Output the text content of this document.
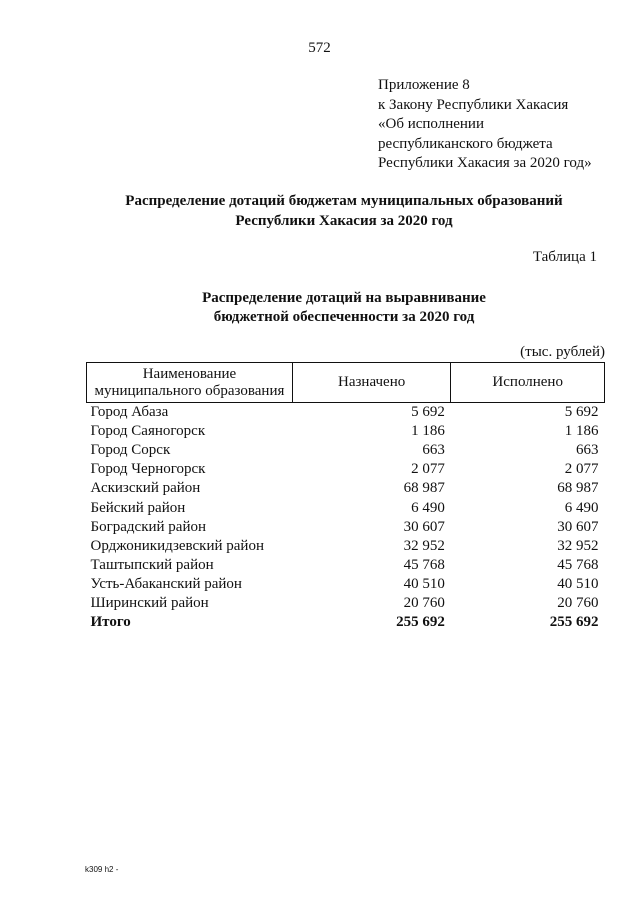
572
Приложение 8
к Закону Республики Хакасия
«Об исполнении
республиканского бюджета
Республики Хакасия за 2020 год»
Распределение дотаций бюджетам муниципальных образований
Республики Хакасия за 2020 год
Таблица 1
Распределение дотаций на выравнивание
бюджетной обеспеченности за 2020 год
(тыс. рублей)
Наименование муниципального образования	Назначено	Исполнено
Город Абаза	5 692	5 692
Город Саяногорск	1 186	1 186
Город Сорск	663	663
Город Черногорск	2 077	2 077
Аскизский район	68 987	68 987
Бейский район	6 490	6 490
Боградский район	30 607	30 607
Орджоникидзевский район	32 952	32 952
Таштыпский район	45 768	45 768
Усть-Абаканский район	40 510	40 510
Ширинский район	20 760	20 760
Итого	255 692	255 692
k309 h2 -
